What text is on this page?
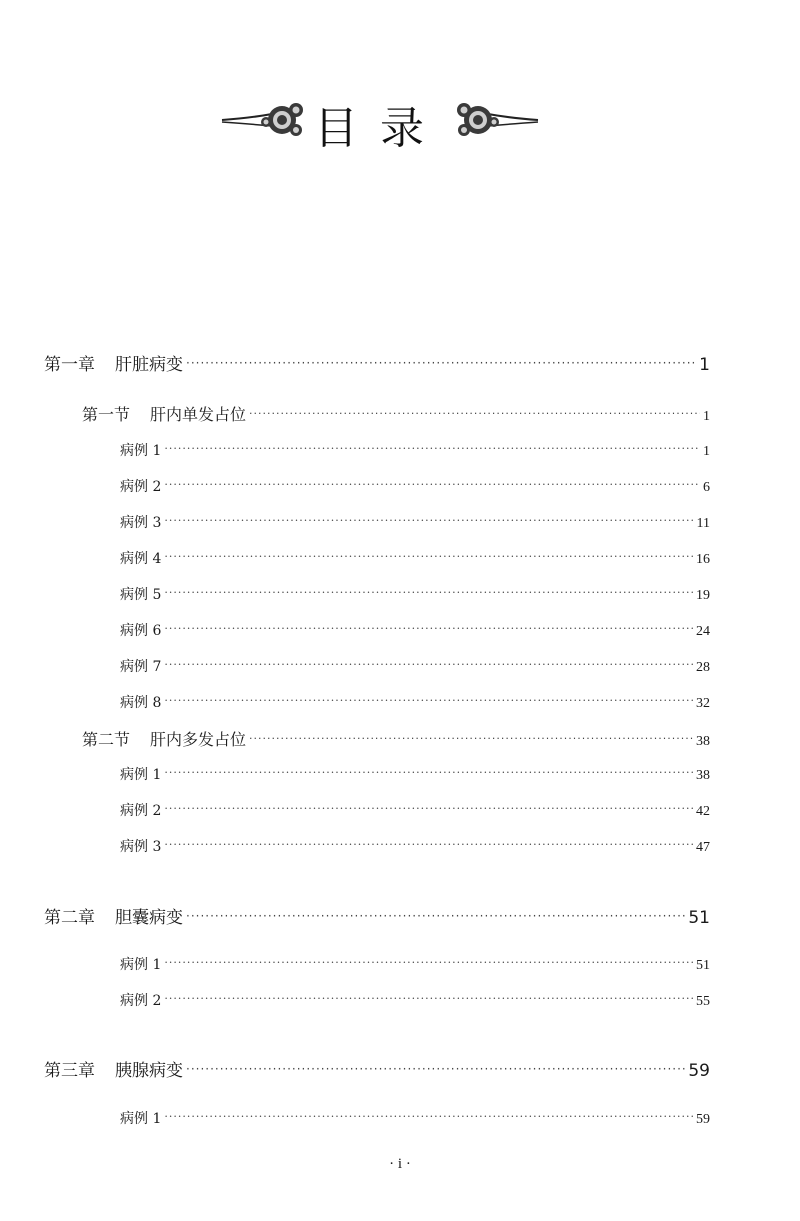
目录
第一章 肝脏病变 ·····	1
第一节 肝内单发占位 ·····	1
病例 1 ·····	1
病例 2 ·····	6
病例 3 ·····	11
病例 4 ·····	16
病例 5 ·····	19
病例 6 ·····	24
病例 7 ·····	28
病例 8 ·····	32
第二节 肝内多发占位 ·····	38
病例 1 ·····	38
病例 2 ·····	42
病例 3 ·····	47
第二章 胆囊病变 ·····	51
病例 1 ·····	51
病例 2 ·····	55
第三章 胰腺病变 ·····	59
病例 1 ·····	59
· i ·
